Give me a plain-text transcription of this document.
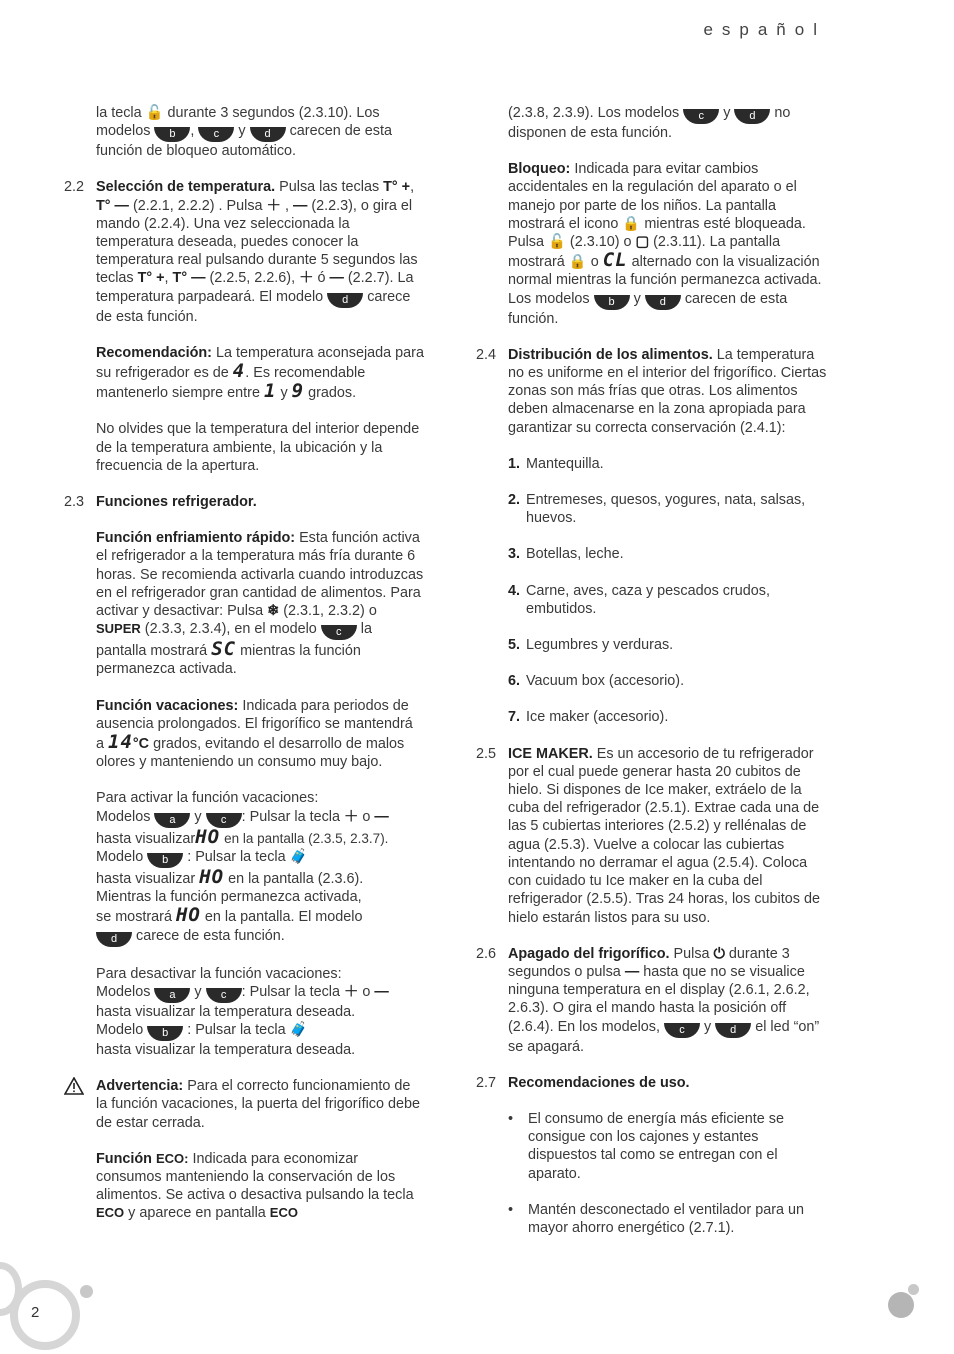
español

la tecla 🔓 durante 3 segundos (2.3.10). Los modelos b , c y d carecen de esta función de bloqueo automático.

2.2 Selección de temperatura. Pulsa las teclas T° +, T° — (2.2.1, 2.2.2) . Pulsa ＋ , — (2.2.3), o gira el mando (2.2.4). Una vez seleccionada la temperatura deseada, puedes conocer la temperatura real pulsando durante 5 segundos las teclas T° +, T° — (2.2.5, 2.2.6), ＋ ó — (2.2.7). La temperatura parpadeará. El modelo d carece de esta función.

Recomendación: La temperatura aconsejada para su refrigerador es de 4. Es recomendable mantenerlo siempre entre 1 y 9 grados.

No olvides que la temperatura del interior depende de la temperatura ambiente, la ubicación y la frecuencia de la apertura.

2.3 Funciones refrigerador.

Función enfriamiento rápido: Esta función activa el refrigerador a la temperatura más fría durante 6 horas. Se recomienda activarla cuando introduzcas en el refrigerador gran cantidad de alimentos. Para activar y desactivar: Pulsa ❄ (2.3.1, 2.3.2) o SUPER (2.3.3, 2.3.4), en el modelo c la pantalla mostrará SC mientras la función permanezca activada.

Función vacaciones: Indicada para periodos de ausencia prolongados. El frigorífico se mantendrá a 14°C grados, evitando el desarrollo de malos olores y manteniendo un consumo muy bajo.

Para activar la función vacaciones:
Modelos a y c : Pulsar la tecla ＋ o —
hasta visualizarHO en la pantalla (2.3.5, 2.3.7).
Modelo b : Pulsar la tecla 🧳
hasta visualizar HO en la pantalla (2.3.6).
Mientras la función permanezca activada,
se mostrará HO en la pantalla. El modelo
d carece de esta función.
Para desactivar la función vacaciones:
Modelos a y c : Pulsar la tecla ＋ o —
hasta visualizar la temperatura deseada.
Modelo b : Pulsar la tecla 🧳
hasta visualizar la temperatura deseada.
Advertencia: Para el correcto funcionamiento de la función vacaciones, la puerta del frigorífico debe de estar cerrada.

Función ECO: Indicada para economizar consumos manteniendo la conservación de los alimentos. Se activa o desactiva pulsando la tecla ECO y aparece en pantalla ECO

(2.3.8, 2.3.9). Los modelos c y d no disponen de esta función.

Bloqueo: Indicada para evitar cambios accidentales en la regulación del aparato o el manejo por parte de los niños. La pantalla mostrará el icono 🔒 mientras esté bloqueada. Pulsa 🔓 (2.3.10) o ▢ (2.3.11). La pantalla mostrará 🔒 o CL alternado con la visualización normal mientras la función permanezca activada. Los modelos b y d carecen de esta función.

2.4 Distribución de los alimentos. La temperatura no es uniforme en el interior del frigorífico. Ciertas zonas son más frías que otras. Los alimentos deben almacenarse en la zona apropiada para garantizar su correcta conservación (2.4.1):
1. Mantequilla.
2. Entremeses, quesos, yogures, nata, salsas, huevos.
3. Botellas, leche.
4. Carne, aves, caza y pescados crudos, embutidos.
5. Legumbres y verduras.
6. Vacuum box (accesorio).
7. Ice maker (accesorio).
2.5 ICE MAKER. Es un accesorio de tu refrigerador por el cual puede generar hasta 20 cubitos de hielo. Si dispones de Ice maker, extráelo de la cuba del refrigerador (2.5.1). Extrae cada una de las 5 cubiertas interiores (2.5.2) y rellénalas de agua (2.5.3). Vuelve a colocar las cubiertas intentando no derramar el agua (2.5.4). Coloca con cuidado tu Ice maker en la cuba del refrigerador (2.5.5). Tras 24 horas, los cubitos de hielo estarán listos para su uso.
2.6 Apagado del frigorífico. Pulsa ⏻ durante 3 segundos o pulsa — hasta que no se visualice ninguna temperatura en el display (2.6.1, 2.6.2, 2.6.3). O gira el mando hasta la posición off (2.6.4). En los modelos, c y d el led “on” se apagará.
2.7 Recomendaciones de uso.
•	El consumo de energía más eficiente se consigue con los cajones y estantes dispuestos tal como se entregan con el aparato.
•	Mantén desconectado el ventilador para un mayor ahorro energético (2.7.1).
2
